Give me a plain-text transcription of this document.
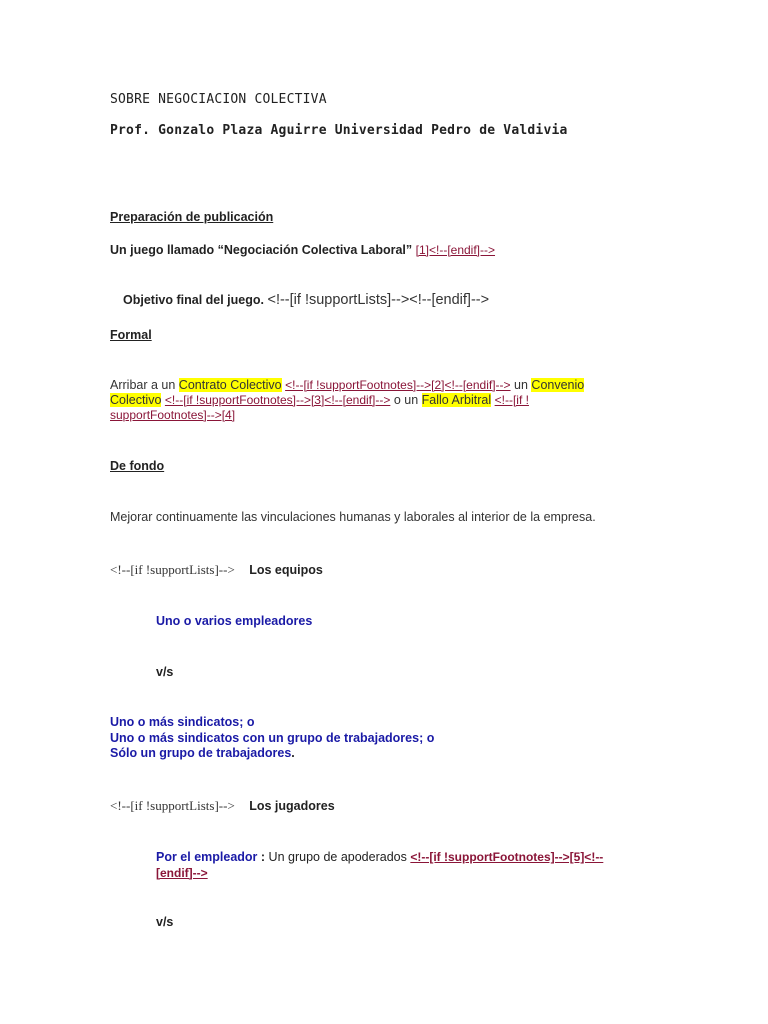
SOBRE NEGOCIACION COLECTIVA
Prof. Gonzalo Plaza Aguirre Universidad Pedro de Valdivia
Preparación de publicación
Un juego llamado “Negociación Colectiva Laboral” [1]<!--[endif]-->
Objetivo final del juego. <!--[if !supportLists]--><!--[endif]-->
Formal
Arribar a un Contrato Colectivo <!--[if !supportFootnotes]-->[2]<!--[endif]--> un Convenio
Colectivo <!--[if !supportFootnotes]-->[3]<!--[endif]--> o un Fallo Arbitral <!--[if !
supportFootnotes]-->[4]
De fondo
Mejorar continuamente las vinculaciones humanas y laborales al interior de la empresa.
<!--[if !supportLists]--> Los equipos
Uno o varios empleadores
v/s
Uno o más sindicatos; o
Uno o más sindicatos con un grupo de trabajadores; o
Sólo un grupo de trabajadores.
<!--[if !supportLists]--> Los jugadores
Por el empleador : Un grupo de apoderados <!--[if !supportFootnotes]-->[5]<!--
[endif]-->
v/s
